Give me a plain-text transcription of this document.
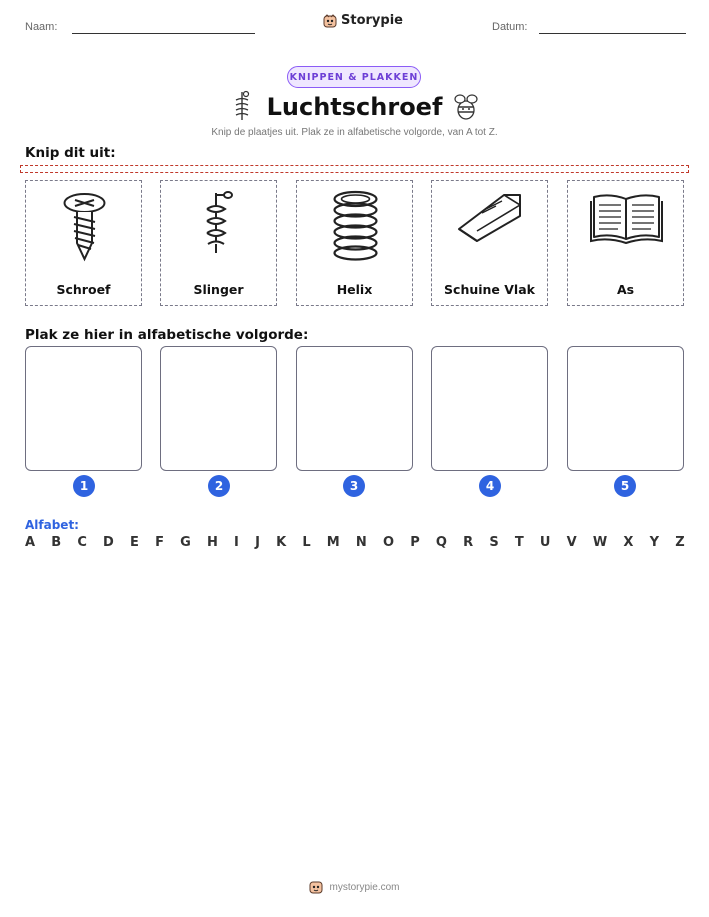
Naam:	Storypie	Datum:
KNIPPEN & PLAKKEN
Luchtschroef
Knip de plaatjes uit. Plak ze in alfabetische volgorde, van A tot Z.
Knip dit uit:
Schroef	Slinger	Helix	Schuine Vlak	As
Plak ze hier in alfabetische volgorde:
1	2	3	4	5
Alfabet:
A B C D E F G H I J K L M N O P Q R S T U V W X Y Z
mystorypie.com
